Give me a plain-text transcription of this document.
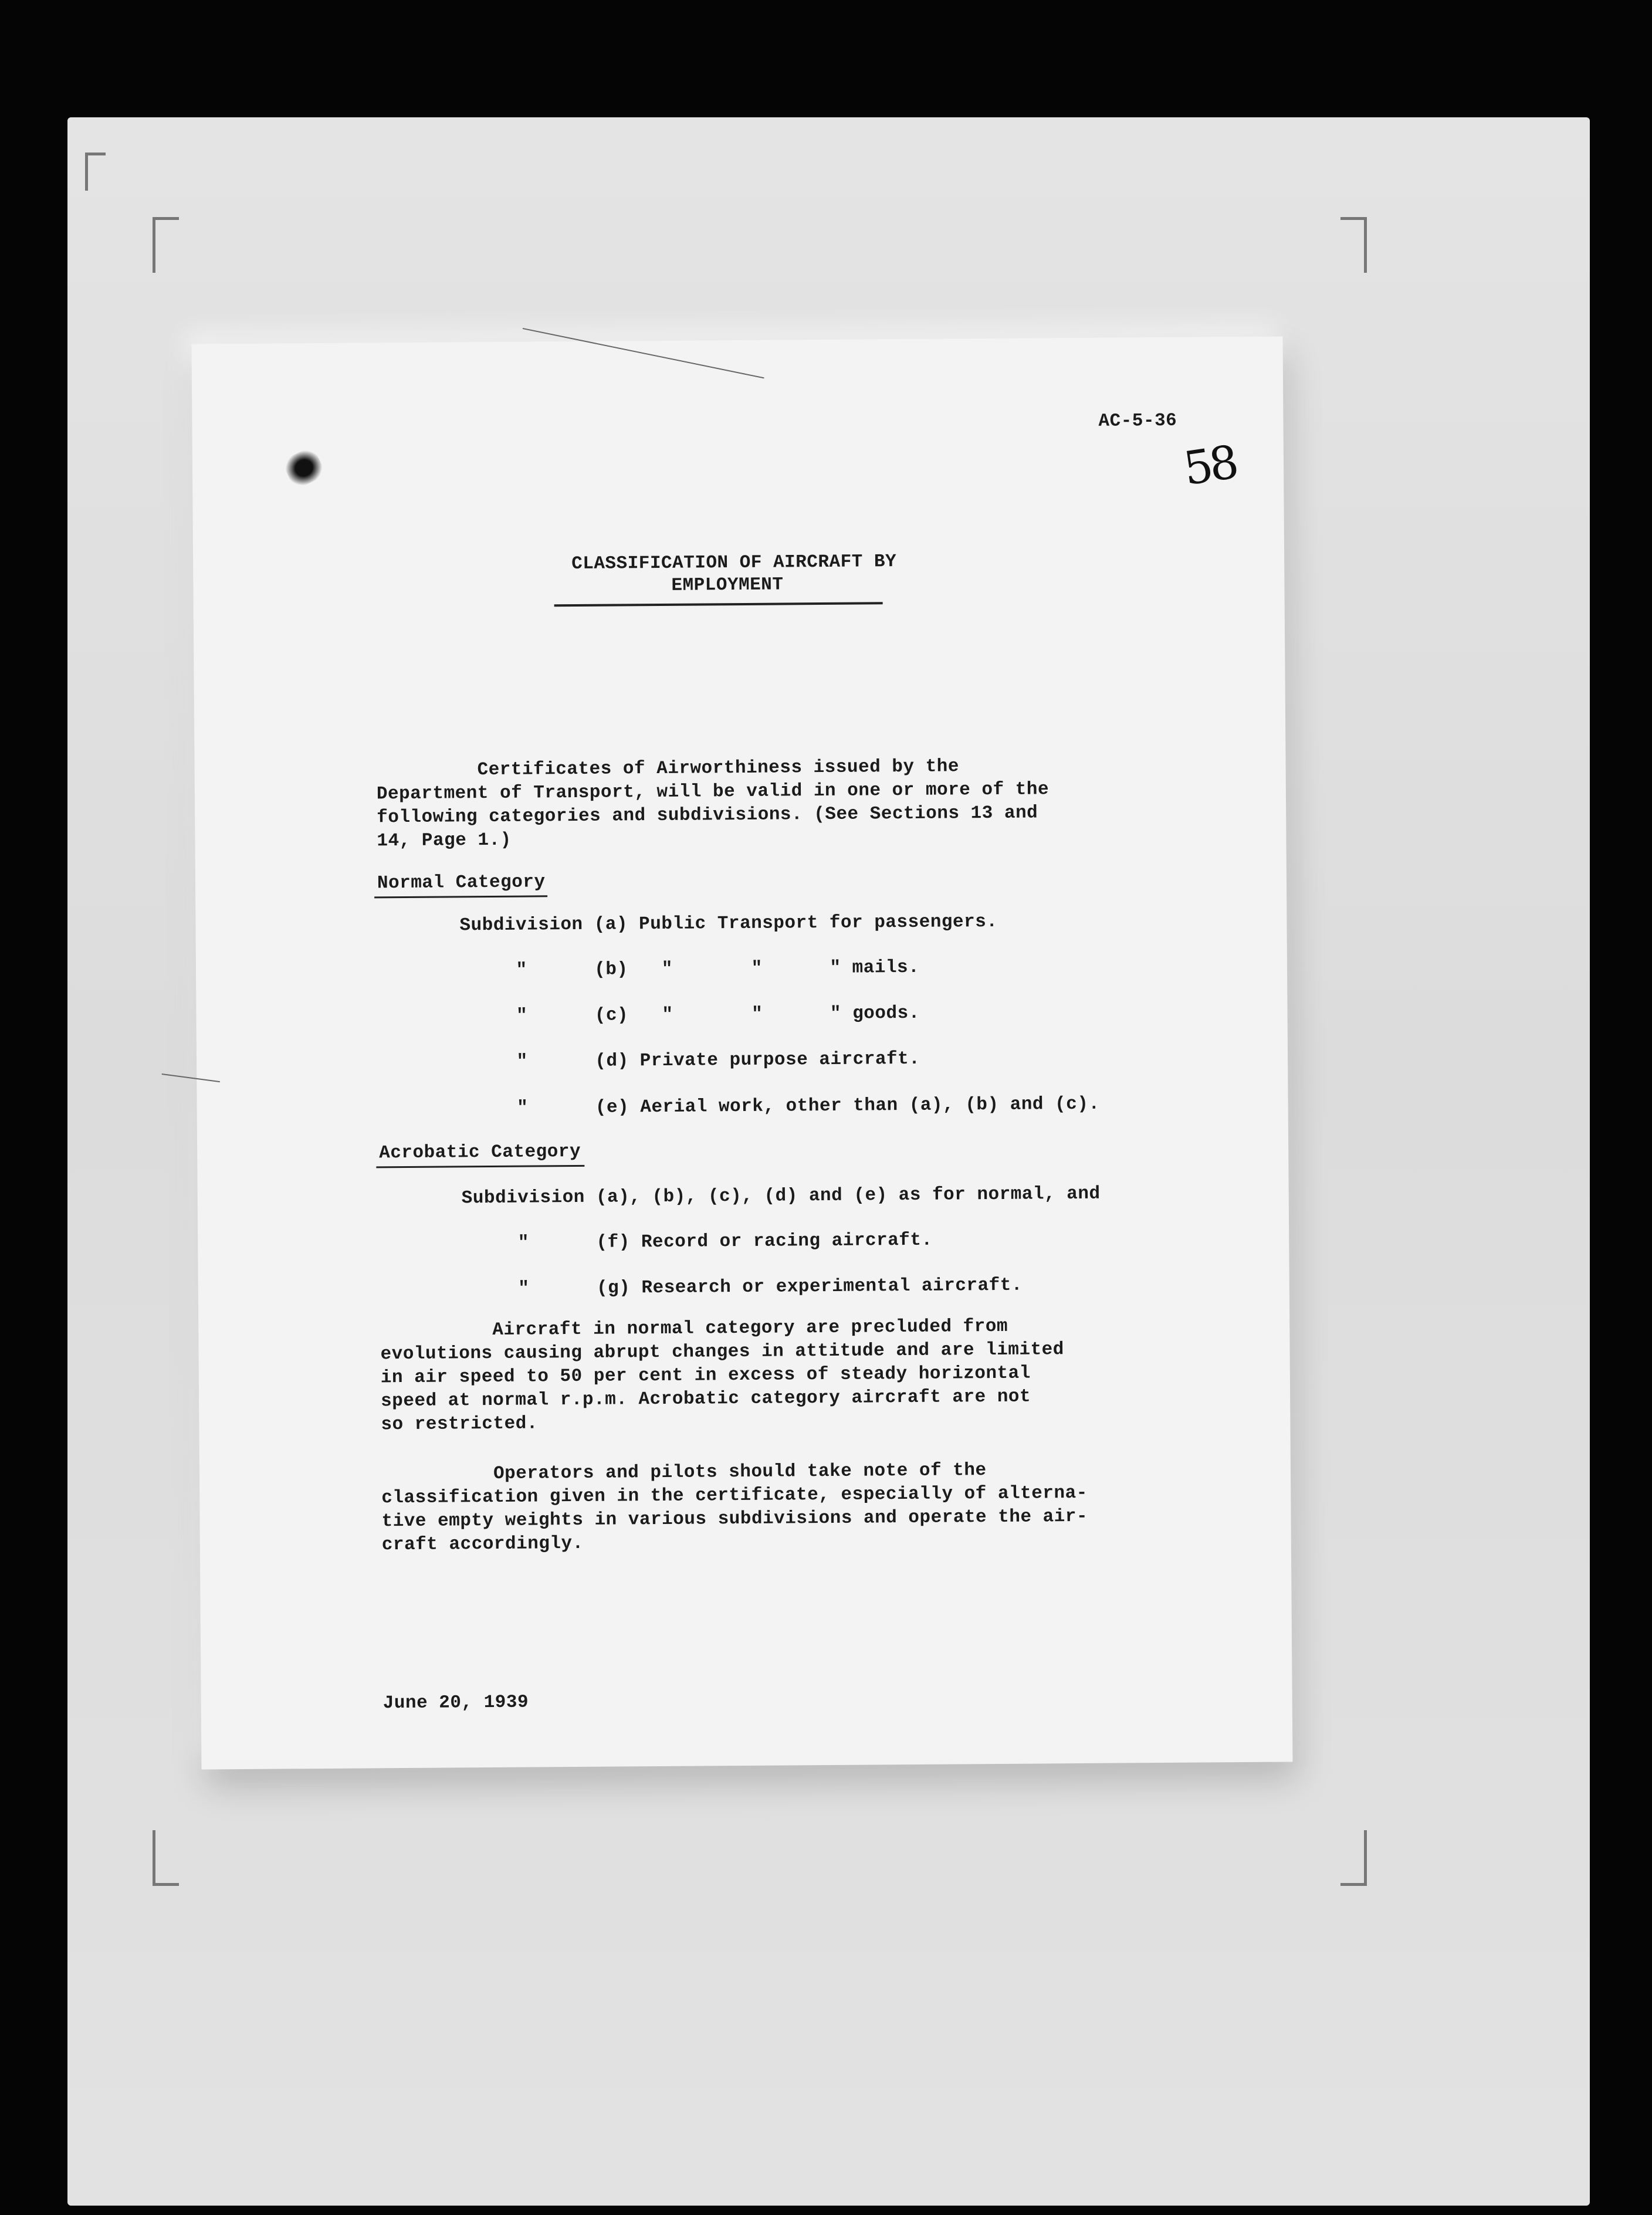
AC-5-36
58
CLASSIFICATION OF AIRCRAFT BY
EMPLOYMENT
Certificates of Airworthiness issued by the
Department of Transport, will be valid in one or more of the
following categories and subdivisions. (See Sections 13 and
14, Page 1.)
Normal Category
Subdivision (a) Public Transport for passengers.
"      (b)   "       "      " mails.
"      (c)   "       "      " goods.
"      (d) Private purpose aircraft.
"      (e) Aerial work, other than (a), (b) and (c).
Acrobatic Category
Subdivision (a), (b), (c), (d) and (e) as for normal, and
"      (f) Record or racing aircraft.
"      (g) Research or experimental aircraft.
Aircraft in normal category are precluded from
evolutions causing abrupt changes in attitude and are limited
in air speed to 50 per cent in excess of steady horizontal
speed at normal r.p.m. Acrobatic category aircraft are not
so restricted.
Operators and pilots should take note of the
classification given in the certificate, especially of alterna-
tive empty weights in various subdivisions and operate the air-
craft accordingly.
June 20, 1939
